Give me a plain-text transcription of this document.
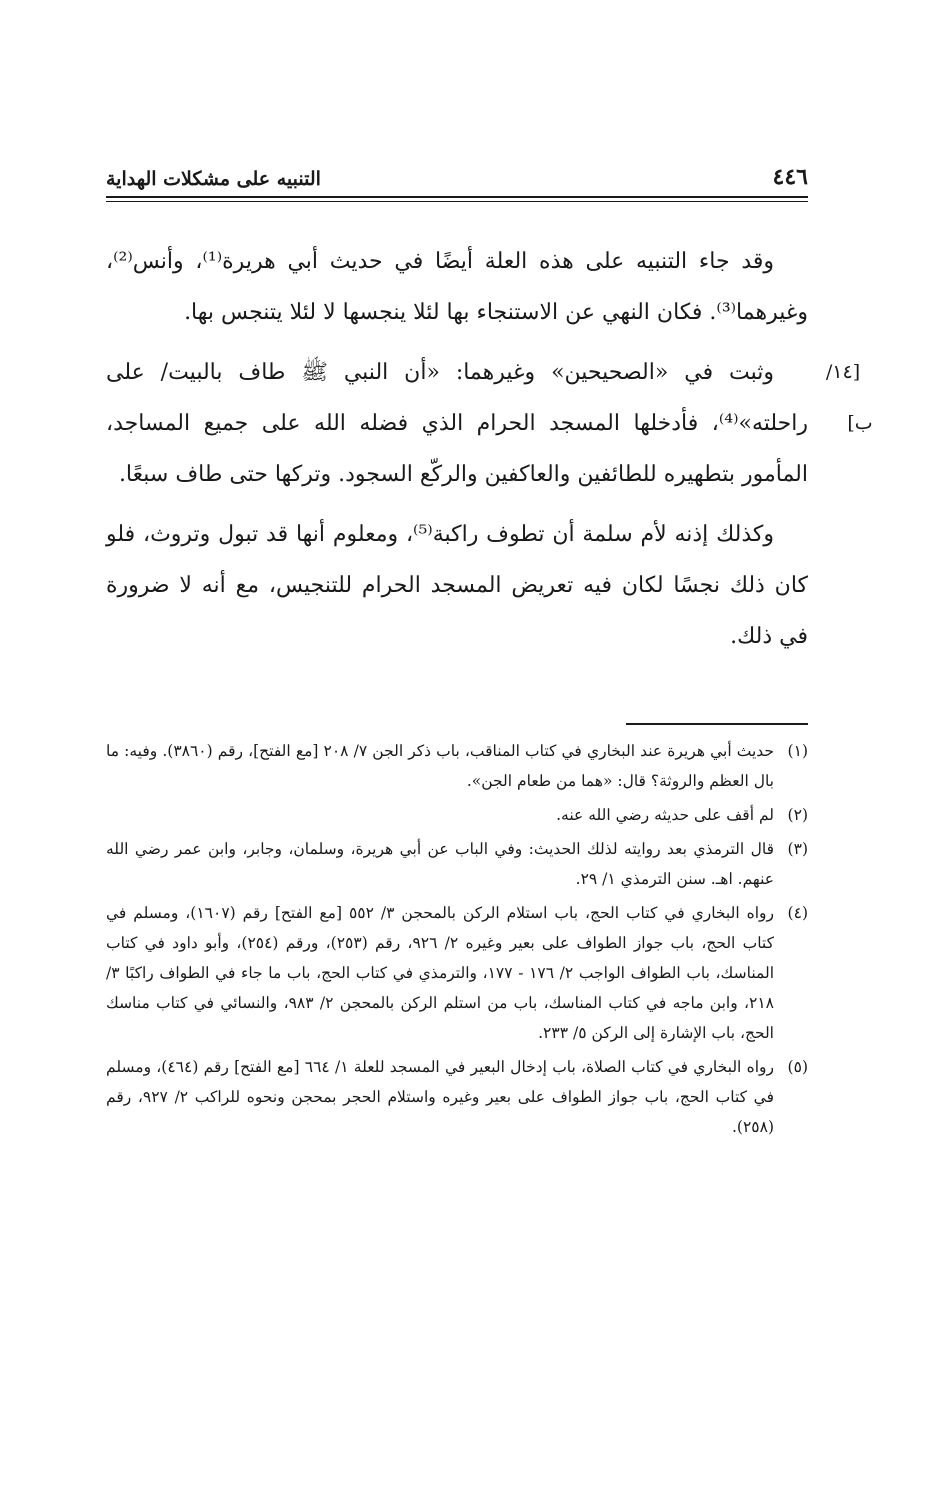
٤٤٦
التنبيه على مشكلات الهداية

وقد جاء التنبيه على هذه العلة أيضًا في حديث أبي هريرة⁽¹⁾، وأنس⁽²⁾، وغيرهما⁽³⁾. فكان النهي عن الاستنجاء بها لئلا ينجسها لا لئلا يتنجس بها.

[١٤/ ب]
وثبت في «الصحيحين» وغيرهما: «أن النبي ﷺ طاف بالبيت/ على راحلته»⁽⁴⁾، فأدخلها المسجد الحرام الذي فضله الله على جميع المساجد، المأمور بتطهيره للطائفين والعاكفين والركّع السجود. وتركها حتى طاف سبعًا.

وكذلك إذنه لأم سلمة أن تطوف راكبة⁽⁵⁾، ومعلوم أنها قد تبول وتروث، فلو كان ذلك نجسًا لكان فيه تعريض المسجد الحرام للتنجيس، مع أنه لا ضرورة في ذلك.

(١)
حديث أبي هريرة عند البخاري في كتاب المناقب، باب ذكر الجن ٧/ ٢٠٨ [مع الفتح]، رقم (٣٨٦٠). وفيه: ما بال العظم والروثة؟ قال: «هما من طعام الجن».
(٢)
لم أقف على حديثه رضي الله عنه.
(٣)
قال الترمذي بعد روايته لذلك الحديث: وفي الباب عن أبي هريرة، وسلمان، وجابر، وابن عمر رضي الله عنهم. اهـ. سنن الترمذي ١/ ٢٩.
(٤)
رواه البخاري في كتاب الحج، باب استلام الركن بالمحجن ٣/ ٥٥٢ [مع الفتح] رقم (١٦٠٧)، ومسلم في كتاب الحج، باب جواز الطواف على بعير وغيره ٢/ ٩٢٦، رقم (٢٥٣)، ورقم (٢٥٤)، وأبو داود في كتاب المناسك، باب الطواف الواجب ٢/ ١٧٦ - ١٧٧، والترمذي في كتاب الحج، باب ما جاء في الطواف راكبًا ٣/ ٢١٨، وابن ماجه في كتاب المناسك، باب من استلم الركن بالمحجن ٢/ ٩٨٣، والنسائي في كتاب مناسك الحج، باب الإشارة إلى الركن ٥/ ٢٣٣.
(٥)
رواه البخاري في كتاب الصلاة، باب إدخال البعير في المسجد للعلة ١/ ٦٦٤ [مع الفتح] رقم (٤٦٤)، ومسلم في كتاب الحج، باب جواز الطواف على بعير وغيره واستلام الحجر بمحجن ونحوه للراكب ٢/ ٩٢٧، رقم (٢٥٨).
